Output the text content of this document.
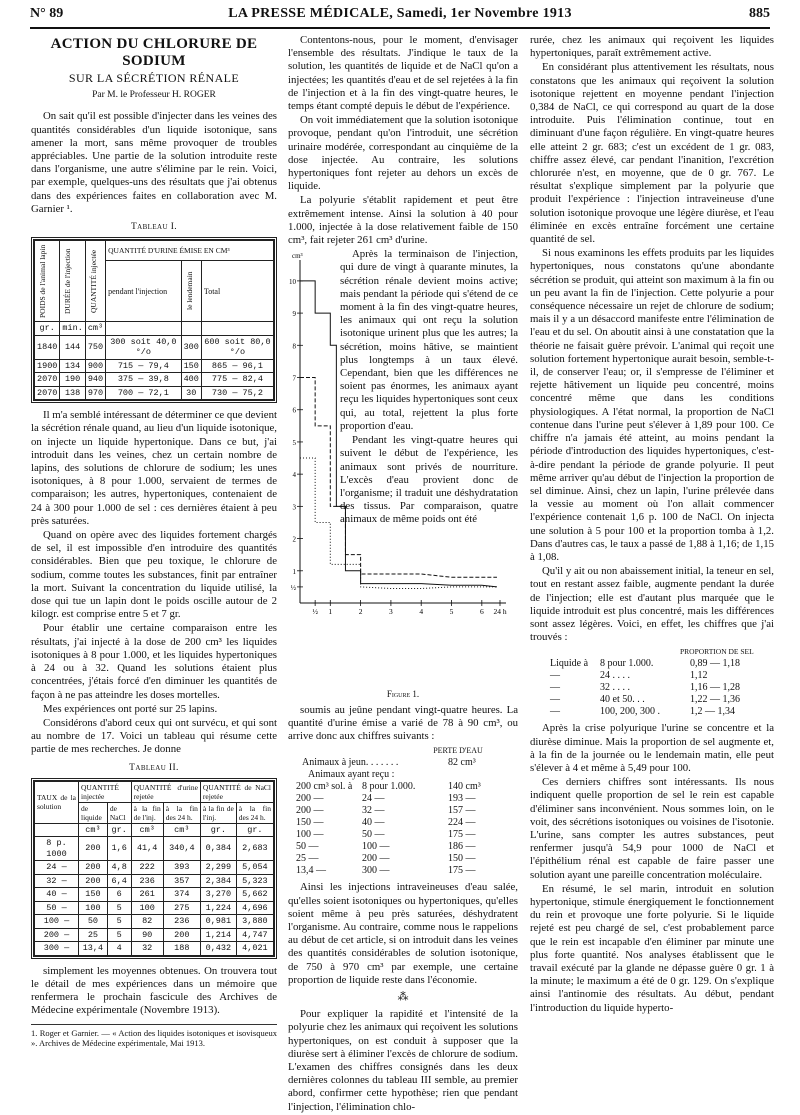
N° 89	LA PRESSE MÉDICALE, Samedi, 1er Novembre 1913	885
ACTION DU CHLORURE DE SODIUM
SUR LA SÉCRÉTION RÉNALE
Par M. le Professeur H. ROGER

On sait qu'il est possible d'injecter dans les veines des quantités considérables d'un liquide isotonique, sans amener la mort, sans même provoquer de troubles appréciables. Une partie de la solution introduite reste dans l'organisme, une autre s'élimine par le rein. Voici, par exemple, quelques-uns des résultats que j'ai obtenus dans des expériences faites en collaboration avec M. Garnier ¹.

Tableau I.
POIDS de l'animal lapin	DURÉE de l'injection	QUANTITÉ injectée	QUANTITÉ D'URINE ÉMISE EN CM³		
			pendant l'injection	le lendemain	Total
gr.	min.	cm³			
1840	144	750	300 soit 40,0 °/o	300	600 soit 80,0 °/o
1900	134	900	715 — 79,4	150	865 — 96,1
2070	190	940	375 — 39,8	400	775 — 82,4
2070	138	970	700 — 72,1	30	730 — 75,2

Il m'a semblé intéressant de déterminer ce que devient la sécrétion rénale quand, au lieu d'un liquide isotonique, on injecte un liquide hypertonique. Dans ce but, j'ai introduit dans les veines, chez un certain nombre de lapins, des solutions de chlorure de sodium; les unes isotoniques, à 8 pour 1.000, servaient de termes de comparaison; les autres, hypertoniques, contenaient de 24 à 300 pour 1.000 de sel : ces dernières étaient à peu près saturées.

Quand on opère avec des liquides fortement chargés de sel, il est impossible d'en introduire des quantités considérables. Bien que peu toxique, le chlorure de sodium, comme toutes les substances, finit par entraîner la mort. Suivant la concentration du liquide utilisé, la dose qui tue un lapin dont le poids oscille autour de 2 kilogr. est comprise entre 5 et 7 gr.

Pour établir une certaine comparaison entre les résultats, j'ai injecté à la dose de 200 cm³ les liquides isotoniques à 8 pour 1.000, et les liquides hypertoniques à 24 ou à 32. Quand les solutions étaient plus concentrées, j'étais forcé d'en diminuer les quantités de façon à ne pas atteindre les doses mortelles.

Mes expériences ont porté sur 25 lapins.

Considérons d'abord ceux qui ont survécu, et qui sont au nombre de 17. Voici un tableau qui résume cette partie de mes recherches. Je donne

Tableau II.
TAUX de la solution	QUANTITÉ injectée		QUANTITÉ d'urine rejetée		QUANTITÉ de NaCl rejetée	
	de liquide	de NaCl	à la fin de l'inj.	à la fin des 24 h.	à la fin de l'inj.	à la fin des 24 h.
	cm³	gr.	cm³	cm³	gr.	gr.
8 p. 1000	200	1,6	41,4	340,4	0,384	2,683
24 —	200	4,8	222	393	2,299	5,054
32 —	200	6,4	236	357	2,384	5,323
40 —	150	6	261	374	3,270	5,662
50 —	100	5	100	275	1,224	4,696
100 —	50	5	82	236	0,981	3,880
200 —	25	5	90	200	1,214	4,747
300 —	13,4	4	32	188	0,432	4,021

simplement les moyennes obtenues. On trouvera tout le détail de mes expériences dans un mémoire que renfermera le prochain fascicule des Archives de Médecine expérimentale (Novembre 1913).

1. Roger et Garnier. — « Action des liquides isotoniques et isovisqueux ». Archives de Médecine expérimentale, Mai 1913.

Contentons-nous, pour le moment, d'envisager l'ensemble des résultats. J'indique le taux de la solution, les quantités de liquide et de NaCl qu'on a injectées; les quantités d'eau et de sel rejetées à la fin de l'injection et à la fin des vingt-quatre heures, le temps étant compté depuis le début de l'expérience.

On voit immédiatement que la solution isotonique provoque, pendant qu'on l'introduit, une sécrétion urinaire modérée, correspondant au cinquième de la dose injectée. Au contraire, les solutions hypertoniques font rejeter au dehors un excès de liquide.

La polyurie s'établit rapidement et peut être extrêmement intense. Ainsi la solution à 40 pour 1.000, injectée à la dose relativement faible de 150 cm³, fait rejeter 261 cm³ d'urine.

½
1
2
3
4
5
6
7
8
9
10
cm³
½ 1	2	3	4	5	6 24 h

Après la terminaison de l'injection, qui dure de vingt à quarante minutes, la sécrétion rénale devient moins active; mais pendant la période qui s'étend de ce moment à la fin des vingt-quatre heures, les animaux qui ont reçu la solution isotonique urinent plus que les autres; la sécrétion, moins hâtive, se maintient plus longtemps à un taux élevé. Cependant, bien que les différences ne soient pas énormes, les animaux ayant reçu les liquides hypertoniques sont ceux qui, au total, rejettent la plus forte proportion d'eau.

Pendant les vingt-quatre heures qui suivent le début de l'expérience, les animaux sont privés de nourriture. L'excès d'eau provient donc de l'organisme; il traduit une déshydratation des tissus. Par comparaison, quatre animaux de même poids ont été

Figure 1.

soumis au jeûne pendant vingt-quatre heures. La quantité d'urine émise a varié de 78 à 90 cm³, ou arrive donc aux chiffres suivants :

PERTE D'EAU
Animaux à jeun. . . . . . .	82 cm³
Animaux ayant reçu :
200 cm³ sol. à 8 pour 1.000.	140 cm³
200 —	24 —	193 —
200 —	32 —	157 —
150 —	40 —	224 —
100 —	50 —	175 —
50 —	100 —	186 —
25 —	200 —	150 —
13,4 —	300 —	175 —

Ainsi les injections intraveineuses d'eau salée, qu'elles soient isotoniques ou hypertoniques, qu'elles soient même à peu près saturées, déshydratent l'organisme. Au contraire, comme nous le rappelions au début de cet article, si on introduit dans les veines des quantités considérables de solution isotonique, de 750 à 970 cm³ par exemple, une certaine proportion de liquide reste dans l'économie.

⁂

Pour expliquer la rapidité et l'intensité de la polyurie chez les animaux qui reçoivent les solutions hypertoniques, on est conduit à supposer que la diurèse sert à éliminer l'excès de chlorure de sodium. L'examen des chiffres consignés dans les deux dernières colonnes du tableau III semble, au premier abord, confirmer cette hypothèse; rien que pendant l'injection, l'élimination chlo-

rurée, chez les animaux qui reçoivent les liquides hypertoniques, paraît extrêmement active.

En considérant plus attentivement les résultats, nous constatons que les animaux qui reçoivent la solution isotonique rejettent en moyenne pendant l'injection 0,384 de NaCl, ce qui correspond au quart de la dose introduite. Puis l'élimination continue, tout en diminuant d'une façon régulière. En vingt-quatre heures elle atteint 2 gr. 683; c'est un excédent de 1 gr. 083, chiffre assez élevé, car pendant l'inanition, l'excrétion chlorurée n'est, en moyenne, que de 0 gr. 767. Le résultat s'explique simplement par la polyurie que produit l'expérience : l'injection intraveineuse d'une solution isotonique provoque une légère diurèse, et l'eau éliminée en excès entraîne forcément une certaine quantité de sel.

Si nous examinons les effets produits par les liquides hypertoniques, nous constatons qu'une abondante sécrétion se produit, qui atteint son maximum à la fin ou un peu avant la fin de l'injection. Cette polyurie a pour conséquence nécessaire un rejet de chlorure de sodium; mais il y a un désaccord manifeste entre l'élimination de l'eau et du sel. On aboutit ainsi à une constatation que la théorie ne faisait guère prévoir. L'animal qui reçoit une solution fortement hypertonique aurait besoin, semble-t-il, de conserver l'eau; or, il s'empresse de l'éliminer et rejette hâtivement un liquide peu concentré, moins concentré même que dans les conditions physiologiques. A l'état normal, la proportion de NaCl contenue dans l'urine peut s'élever à 1,89 pour 100. Ce chiffre n'a jamais été atteint, au moins pendant la période d'introduction des liquides hypertoniques, c'est-à-dire pendant la période de grande polyurie. Il peut même arriver qu'au début de l'injection la proportion de sel diminue. Ainsi, chez un lapin, l'urine prélevée dans la vessie au moment où l'on allait commencer l'expérience contenait 1,6 p. 100 de NaCl. On injecta une solution à 5 pour 100 et la proportion tomba à 1,2. Dans d'autres cas, le taux a passé de 1,88 à 1,16; de 1,15 à 1,08.

Qu'il y ait ou non abaissement initial, la teneur en sel, tout en restant assez faible, augmente pendant la durée de l'injection; elle est d'autant plus marquée que le liquide introduit est plus concentré, mais les différences sont assez légères. Voici, en effet, les chiffres que j'ai trouvés :

PROPORTION DE SEL
Liquide à	8 pour 1.000.	0,89 — 1,18
—	24 . . . .	1,12
—	32 . . . .	1,16 — 1,28
—	40 et 50. . .	1,22 — 1,36
—	100, 200, 300 .	1,2 — 1,34

Après la crise polyurique l'urine se concentre et la diurèse diminue. Mais la proportion de sel augmente et, à la fin de la journée ou le lendemain matin, elle peut s'élever à 4 et même à 5,49 pour 100.

Ces derniers chiffres sont intéressants. Ils nous indiquent quelle proportion de sel le rein est capable d'éliminer sans inconvénient. Nous sommes loin, on le voit, des sécrétions isotoniques ou voisines de l'isotonie. L'urine, sans compter les autres substances, peut renfermer jusqu'à 54,9 pour 1000 de NaCl et l'épithélium rénal est capable de faire passer une solution ayant une pareille concentration moléculaire.

En résumé, le sel marin, introduit en solution hypertonique, stimule énergiquement le fonctionnement du rein et provoque une forte polyurie. Si le liquide rejeté est peu chargé de sel, c'est probablement parce que le rein est incapable d'en éliminer par minute une plus forte quantité. Nos analyses établissent que le travail exécuté par la glande ne dépasse guère 0 gr. 1 à la minute; le maximum a été de 0 gr. 129. On s'explique ainsi l'antinomie des résultats. Au début, pendant l'introduction du liquide hyperto-
